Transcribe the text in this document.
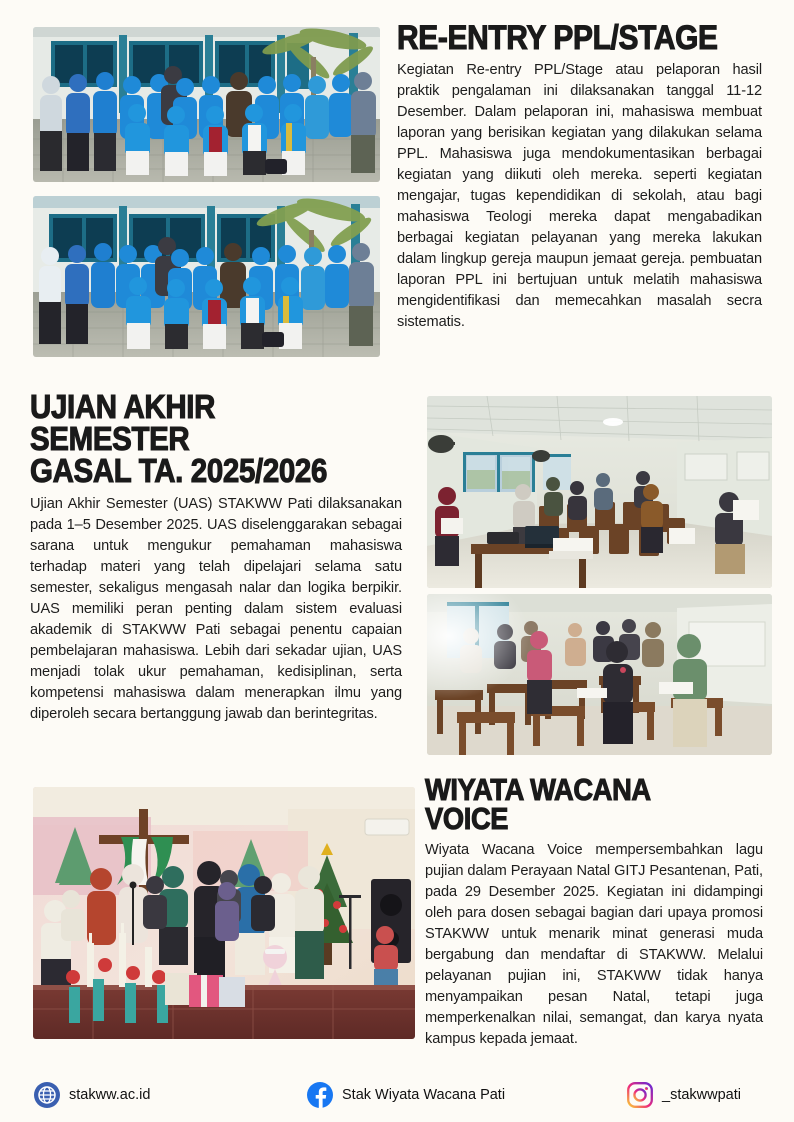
RE-ENTRY PPL/STAGE

Kegiatan Re-entry PPL/Stage atau pelaporan hasil praktik pengalaman ini dilaksanakan tanggal 11-12 Desember. Dalam pelaporan ini, mahasiswa membuat laporan yang berisikan kegiatan yang dilakukan selama PPL. Mahasiswa juga mendokumentasikan berbagai kegiatan yang diikuti oleh mereka. seperti kegiatan mengajar, tugas kependidikan di sekolah, atau bagi mahasiswa Teologi mereka dapat mengabadikan berbagai kegiatan pelayanan yang mereka lakukan dalam lingkup gereja maupun jemaat gereja. pembuatan laporan PPL ini bertujuan untuk melatih mahasiswa mengidentifikasi dan memecahkan masalah secra sistematis.

UJIAN AKHIR SEMESTER
GASAL TA. 2025/2026

Ujian Akhir Semester (UAS) STAKWW Pati dilaksanakan pada 1–5 Desember 2025. UAS diselenggarakan sebagai sarana untuk mengukur pemahaman mahasiswa terhadap materi yang telah dipelajari selama satu semester, sekaligus mengasah nalar dan logika berpikir. UAS memiliki peran penting dalam sistem evaluasi akademik di STAKWW Pati sebagai penentu capaian pembelajaran mahasiswa. Lebih dari sekadar ujian, UAS menjadi tolak ukur pemahaman, kedisiplinan, serta kompetensi mahasiswa dalam menerapkan ilmu yang diperoleh secara bertanggung jawab dan berintegritas.

WIYATA WACANA VOICE

Wiyata Wacana Voice mempersembahkan lagu pujian dalam Perayaan Natal GITJ Pesantenan, Pati, pada 29 Desember 2025. Kegiatan ini didampingi oleh para dosen sebagai bagian dari upaya promosi STAKWW untuk menarik minat generasi muda bergabung dan mendaftar di STAKWW. Melalui pelayanan pujian ini, STAKWW tidak hanya menyampaikan pesan Natal, tetapi juga memperkenalkan nilai, semangat, dan karya nyata kampus kepada jemaat.

stakww.ac.id	Stak Wiyata Wacana Pati	_stakwwpati
